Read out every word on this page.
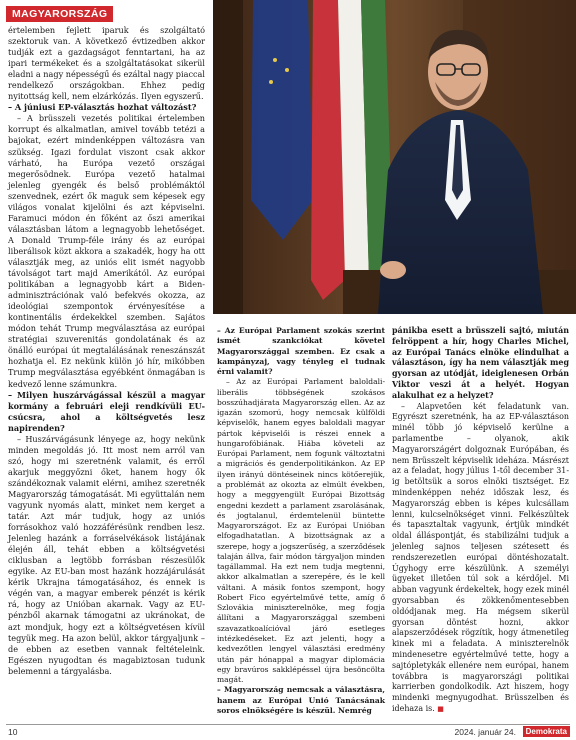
MAGYARORSZÁG

értelemben fejlett iparuk és szolgáltató szektoruk van. A következő évtizedben akkor tudják ezt a gazdagságot fenntartani, ha az ipari termékeket és a szolgáltatásokat sikerül eladni a nagy népességű és ezáltal nagy piaccal rendelkező országokban. Ehhez pedig nyitottság kell, nem elzárkózás. Ilyen egyszerű.

– A júniusi EP-választás hozhat változást?

– A brüsszeli vezetés politikai értelemben korrupt és alkalmatlan, amivel tovább tetézi a bajokat, ezért mindenképpen változásra van szükség. Igazi fordulat viszont csak akkor várható, ha Európa vezető országai megerősödnek. Európa vezető hatalmai jelenleg gyengék és belső problémáktól szenvednek, ezért ők maguk sem képesek egy világos vonalat kijelölni és azt képviselni. Faramuci módon én főként az őszi amerikai választásban látom a legnagyobb lehetőséget. A Donald Trump-féle irány és az európai liberálisok közt akkora a szakadék, hogy ha ott választják meg, az uniós elit ismét nagyobb távolságot tart majd Amerikától. Az európai politikában a legnagyobb kárt a Biden-adminisztrációnak való befekvés okozza, az ideológiai szempontok érvényesítése a kontinentális érdekekkel szemben. Sajátos módon tehát Trump megválasztása az európai stratégiai szuverenitás gondolatának és az önálló európai út megtalálásának reneszánszát hozhatja el. Ez nekünk külön jó hír, mikóbben Trump megválasztása egyébként önmagában is kedvező lenne számunkra.

– Milyen huszárvágással készül a magyar kormány a februári eleji rendkívüli EU-csúcsra, ahol a költségvetés lesz napirenden?

– Huszárvágásunk lényege az, hogy nekünk minden megoldás jó. Itt most nem arról van szó, hogy mi szeretnénk valamit, és erről akarjuk meggyőzni őket, hanem hogy ők szándékoznak valamit elérni, amihez szeretnék Magyarország támogatását. Mi együttalán nem vagyunk nyomás alatt, minket nem kerget a tatár. Azt már tudjuk, hogy az uniós forrásokhoz való hozzáférésünk rendben lesz. Jelenleg hazánk a forráselvékások listájának élején áll, tehát ebben a költségvetési ciklusban a legtöbb forrásban részesülők egyike. Az EU-ban most hazánk hozzájárulását kérik Ukrajna támogatásához, és ennek is végén van, a magyar emberek pénzét is kérik rá, hogy az Unióban akarnak. Vagy az EU-pénzből akarnak támogatni az ukránokat, de azt mondjuk, hogy ezt a költségvetésen kívül tegyük meg. Ha azon belül, akkor tárgyaljunk – de ebben az esetben vannak feltételeink. Egészen nyugodtan és magabiztosan tudunk belemenni a tárgyalásba.

– Az Európai Parlament szokás szerint ismét szankciókat követel Magyarországgal szemben. Ez csak a kampányzaj, vagy tényleg el tudnak érni valamit?

– Az az Európai Parlament baloldali-liberális többségének szokásos bosszúhadjárata Magyarország ellen. Az az igazán szomorú, hogy nemcsak külföldi képviselők, hanem egyes baloldali magyar pártok képviselői is részei ennek a hungarofóbiának. Hiába követeli az Európai Parlament, nem fogunk változtatni a migrációs és genderpolitikánkon. Az EP ilyen irányú döntéseinek nincs kötőerejük, a problémát az okozta az elmúlt években, hogy a meggyengült Európai Bizottság engedni kezdett a parlament zsarolásának, és jogtalanul, érdemtelenül büntette Magyarországot. Ez az Európai Unióban elfogadhatatlan. A bizottságnak az a szerepe, hogy a jogszerűség, a szerződések talaján állva, fair módon tárgyaljon minden tagállammal. Ha ezt nem tudja megtenni, akkor alkalmatlan a szerepére, és le kell váltani. A másik fontos szempont, hogy Robert Fico egyértelművé tette, amíg ő Szlovákia miniszterelnöke, meg fogja állítani a Magyarországgal szembeni szavazatkoalícióval járó esetleges intézkedéseket. Ez azt jelenti, hogy a kedvezőtlen lengyel választási eredmény után pár hónappal a magyar diplomácia egy bravúros sakklépéssel újra besöncölta magát.

– Magyarország nemcsak a választásra, hanem az Európai Unió Tanácsának soros elnökségére is készül. Nemrég

pánikba esett a brüsszeli sajtó, miután felröppent a hír, hogy Charles Michel, az Európai Tanács elnöke elindulhat a választáson, így ha nem választják meg gyorsan az utódját, ideiglenesen Orbán Viktor veszi át a helyét. Hogyan alakulhat ez a helyzet?

– Alapvetően két feladatunk van. Egyrészt szeretnénk, ha az EP-választáson minél több jó képviselő kerülne a parlamentbe – olyanok, akik Magyarországért dolgoznak Európában, és nem Brüsszelt képviselik ideháza. Másrészt az a feladat, hogy július 1-től december 31-ig betöltsük a soros elnöki tisztséget. Ez mindenképpen nehéz időszak lesz, és Magyarország ebben is képes kulcsállam lenni, kulcselnökséget vinni. Felkészültek és tapasztaltak vagyunk, értjük mindkét oldal álláspontját, és stabilizálni tudjuk a jelenleg sajnos teljesen szétesett és rendszerezetlen európai döntéshozatalt. Úgyhogy erre készülünk. A személyi ügyeket illetően túl sok a kérdőjel. Mi abban vagyunk érdekeltek, hogy ezek minél gyorsabban és zökkenőmentesebben oldódjanak meg. Ha mégsem sikerül gyorsan döntést hozni, akkor alapszerződések rögzítik, hogy átmenetileg kinek mi a feladata. A miniszterelnök mindenesetre egyértelművé tette, hogy a sajtópletykák ellenére nem európai, hanem továbbra is magyarországi politikai karrierben gondolkodik. Azt hiszem, hogy mindenki megnyugodhat. Brüsszelben és idehaza is. ■

10	2024. január 24.	Demokrata
